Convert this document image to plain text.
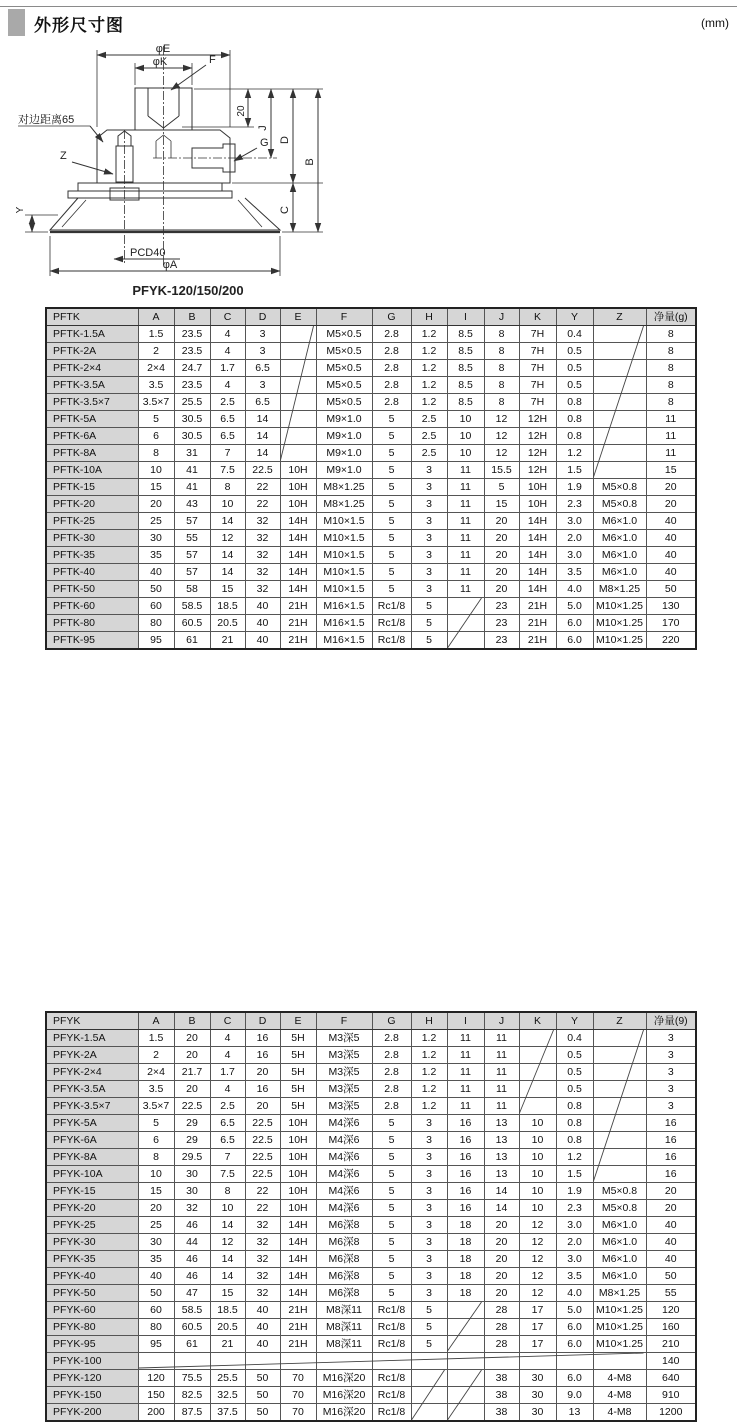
外形尺寸图	(mm)
φE
φK	F
20
J
D
B
C
G
Y
对边距离65
Z
PCD40
φA
PFYK-120/150/200
PFTK	A	B	C	D	E	F	G	H	I	J	K	Y	Z	净量(g)
PFTK-1.5A	1.5	23.5	4	3		M5×0.5	2.8	1.2	8.5	8	7H	0.4		8
PFTK-2A	2	23.5	4	3		M5×0.5	2.8	1.2	8.5	8	7H	0.5		8
PFTK-2×4	2×4	24.7	1.7	6.5		M5×0.5	2.8	1.2	8.5	8	7H	0.5		8
PFTK-3.5A	3.5	23.5	4	3		M5×0.5	2.8	1.2	8.5	8	7H	0.5		8
PFTK-3.5×7	3.5×7	25.5	2.5	6.5		M5×0.5	2.8	1.2	8.5	8	7H	0.8		8
PFTK-5A	5	30.5	6.5	14		M9×1.0	5	2.5	10	12	12H	0.8		11
PFTK-6A	6	30.5	6.5	14		M9×1.0	5	2.5	10	12	12H	0.8		11
PFTK-8A	8	31	7	14		M9×1.0	5	2.5	10	12	12H	1.2		11
PFTK-10A	10	41	7.5	22.5	10H	M9×1.0	5	3	11	15.5	12H	1.5		15
PFTK-15	15	41	8	22	10H	M8×1.25	5	3	11	5	10H	1.9	M5×0.8	20
PFTK-20	20	43	10	22	10H	M8×1.25	5	3	11	15	10H	2.3	M5×0.8	20
PFTK-25	25	57	14	32	14H	M10×1.5	5	3	11	20	14H	3.0	M6×1.0	40
PFTK-30	30	55	12	32	14H	M10×1.5	5	3	11	20	14H	2.0	M6×1.0	40
PFTK-35	35	57	14	32	14H	M10×1.5	5	3	11	20	14H	3.0	M6×1.0	40
PFTK-40	40	57	14	32	14H	M10×1.5	5	3	11	20	14H	3.5	M6×1.0	40
PFTK-50	50	58	15	32	14H	M10×1.5	5	3	11	20	14H	4.0	M8×1.25	50
PFTK-60	60	58.5	18.5	40	21H	M16×1.5	Rc1/8	5		23	21H	5.0	M10×1.25	130
PFTK-80	80	60.5	20.5	40	21H	M16×1.5	Rc1/8	5		23	21H	6.0	M10×1.25	170
PFTK-95	95	61	21	40	21H	M16×1.5	Rc1/8	5		23	21H	6.0	M10×1.25	220
PFYK	A	B	C	D	E	F	G	H	I	J	K	Y	Z	净量(9)
PFYK-1.5A	1.5	20	4	16	5H	M3深5	2.8	1.2	11	11		0.4		3
PFYK-2A	2	20	4	16	5H	M3深5	2.8	1.2	11	11		0.5		3
PFYK-2×4	2×4	21.7	1.7	20	5H	M3深5	2.8	1.2	11	11		0.5		3
PFYK-3.5A	3.5	20	4	16	5H	M3深5	2.8	1.2	11	11		0.5		3
PFYK-3.5×7	3.5×7	22.5	2.5	20	5H	M3深5	2.8	1.2	11	11		0.8		3
PFYK-5A	5	29	6.5	22.5	10H	M4深6	5	3	16	13	10	0.8		16
PFYK-6A	6	29	6.5	22.5	10H	M4深6	5	3	16	13	10	0.8		16
PFYK-8A	8	29.5	7	22.5	10H	M4深6	5	3	16	13	10	1.2		16
PFYK-10A	10	30	7.5	22.5	10H	M4深6	5	3	16	13	10	1.5		16
PFYK-15	15	30	8	22	10H	M4深6	5	3	16	14	10	1.9	M5×0.8	20
PFYK-20	20	32	10	22	10H	M4深6	5	3	16	14	10	2.3	M5×0.8	20
PFYK-25	25	46	14	32	14H	M6深8	5	3	18	20	12	3.0	M6×1.0	40
PFYK-30	30	44	12	32	14H	M6深8	5	3	18	20	12	2.0	M6×1.0	40
PFYK-35	35	46	14	32	14H	M6深8	5	3	18	20	12	3.0	M6×1.0	40
PFYK-40	40	46	14	32	14H	M6深8	5	3	18	20	12	3.5	M6×1.0	50
PFYK-50	50	47	15	32	14H	M6深8	5	3	18	20	12	4.0	M8×1.25	55
PFYK-60	60	58.5	18.5	40	21H	M8深11	Rc1/8	5		28	17	5.0	M10×1.25	120
PFYK-80	80	60.5	20.5	40	21H	M8深11	Rc1/8	5		28	17	6.0	M10×1.25	160
PFYK-95	95	61	21	40	21H	M8深11	Rc1/8	5		28	17	6.0	M10×1.25	210
PFYK-100														140
PFYK-120	120	75.5	25.5	50	70	M16深20	Rc1/8			38	30	6.0	4-M8	640
PFYK-150	150	82.5	32.5	50	70	M16深20	Rc1/8			38	30	9.0	4-M8	910
PFYK-200	200	87.5	37.5	50	70	M16深20	Rc1/8			38	30	13	4-M8	1200
